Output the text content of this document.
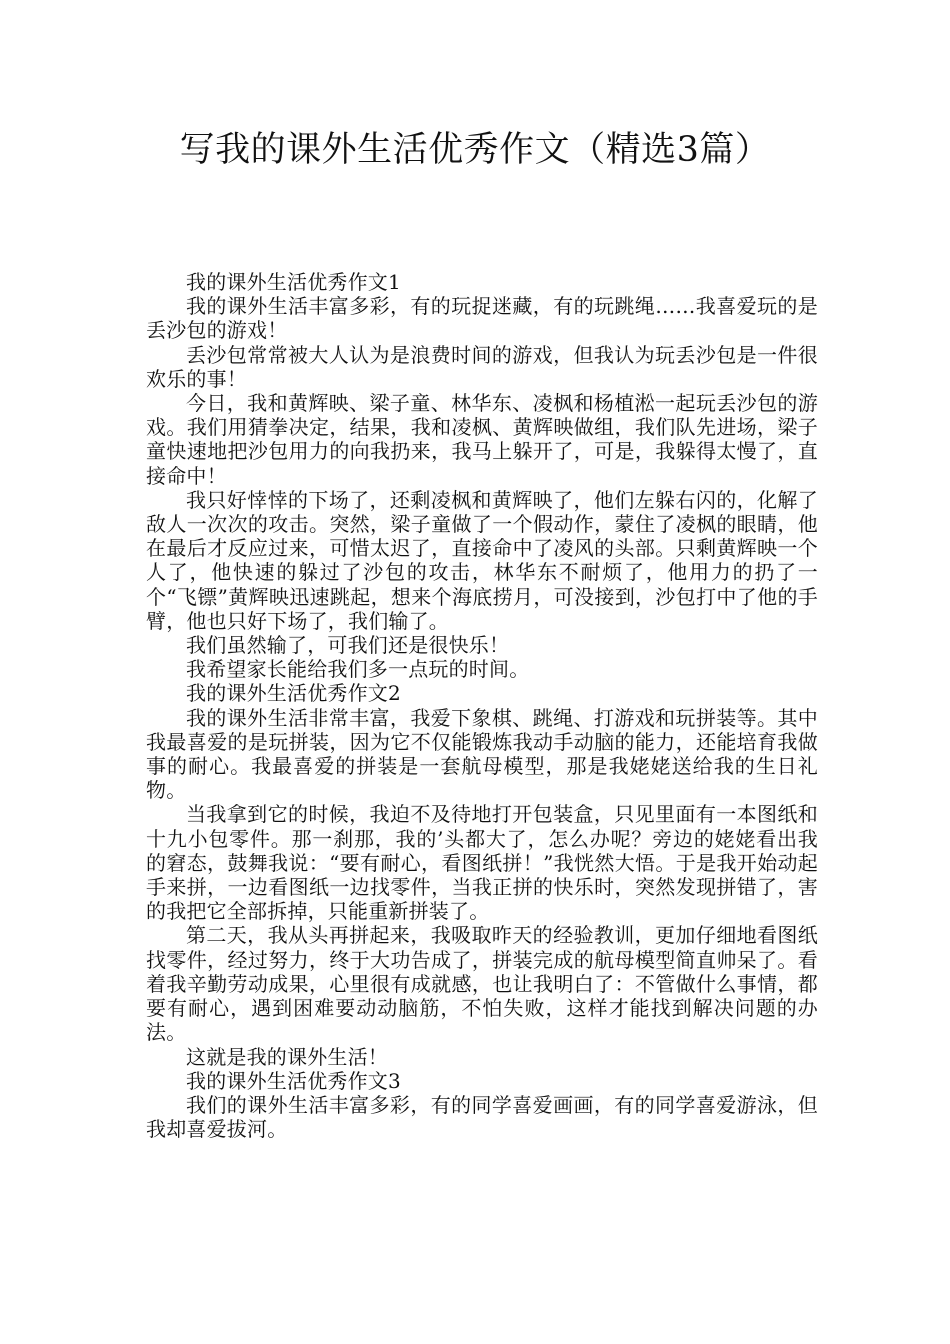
写我的课外生活优秀作文（精选3篇）

我的课外生活优秀作文1

我的课外生活丰富多彩，有的玩捉迷藏，有的玩跳绳……我喜爱玩的是丢沙包的游戏！

丢沙包常常被大人认为是浪费时间的游戏，但我认为玩丢沙包是一件很欢乐的事！

今日，我和黄辉映、梁子童、林华东、凌枫和杨植淞一起玩丢沙包的游戏。我们用猜拳决定，结果，我和凌枫、黄辉映做组，我们队先进场，梁子童快速地把沙包用力的向我扔来，我马上躲开了，可是，我躲得太慢了，直接命中！

我只好悻悻的下场了，还剩凌枫和黄辉映了，他们左躲右闪的，化解了敌人一次次的攻击。突然，梁子童做了一个假动作，蒙住了凌枫的眼睛，他在最后才反应过来，可惜太迟了，直接命中了凌风的头部。只剩黄辉映一个人了，他快速的躲过了沙包的攻击，林华东不耐烦了，他用力的扔了一个“飞镖”黄辉映迅速跳起，想来个海底捞月，可没接到，沙包打中了他的手臂，他也只好下场了，我们输了。

我们虽然输了，可我们还是很快乐！

我希望家长能给我们多一点玩的时间。

我的课外生活优秀作文2

我的课外生活非常丰富，我爱下象棋、跳绳、打游戏和玩拼装等。其中我最喜爱的是玩拼装，因为它不仅能锻炼我动手动脑的能力，还能培育我做事的耐心。我最喜爱的拼装是一套航母模型，那是我姥姥送给我的生日礼物。

当我拿到它的时候，我迫不及待地打开包装盒，只见里面有一本图纸和十九小包零件。那一刹那，我的’头都大了，怎么办呢？旁边的姥姥看出我的窘态，鼓舞我说：“要有耐心，看图纸拼！”我恍然大悟。于是我开始动起手来拼，一边看图纸一边找零件，当我正拼的快乐时，突然发现拼错了，害的我把它全部拆掉，只能重新拼装了。

第二天，我从头再拼起来，我吸取昨天的经验教训，更加仔细地看图纸找零件，经过努力，终于大功告成了，拼装完成的航母模型简直帅呆了。看着我辛勤劳动成果，心里很有成就感，也让我明白了：不管做什么事情，都要有耐心，遇到困难要动动脑筋，不怕失败，这样才能找到解决问题的办法。

这就是我的课外生活！

我的课外生活优秀作文3

我们的课外生活丰富多彩，有的同学喜爱画画，有的同学喜爱游泳，但我却喜爱拔河。
